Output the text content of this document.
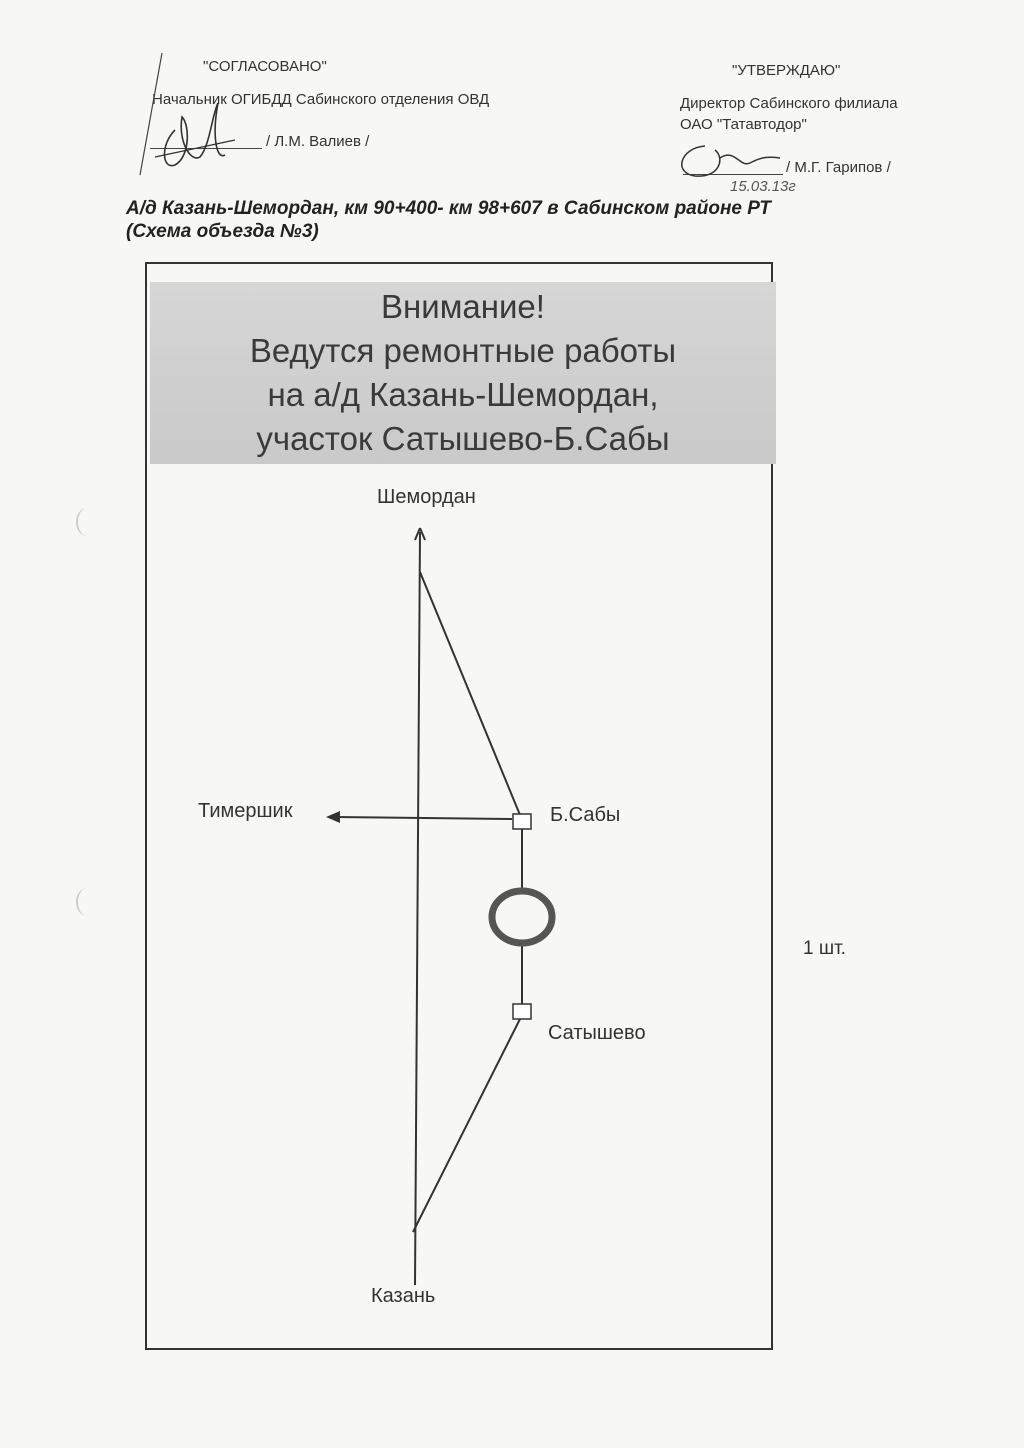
"СОГЛАСОВАНО"
Начальник ОГИБДД Сабинского отделения ОВД
/ Л.М. Валиев /
"УТВЕРЖДАЮ"
Директор Сабинского филиала
ОАО "Татавтодор"
/ М.Г. Гарипов /
15.03.13г
А/д Казань-Шемордан, км 90+400- км 98+607 в Сабинском районе РТ
(Схема объезда №3)
Внимание!
Ведутся ремонтные работы
на а/д Казань-Шемордан,
участок Сатышево-Б.Сабы
Шемордан
Тимершик	Б.Сабы
Сатышево
Казань
1 шт.
